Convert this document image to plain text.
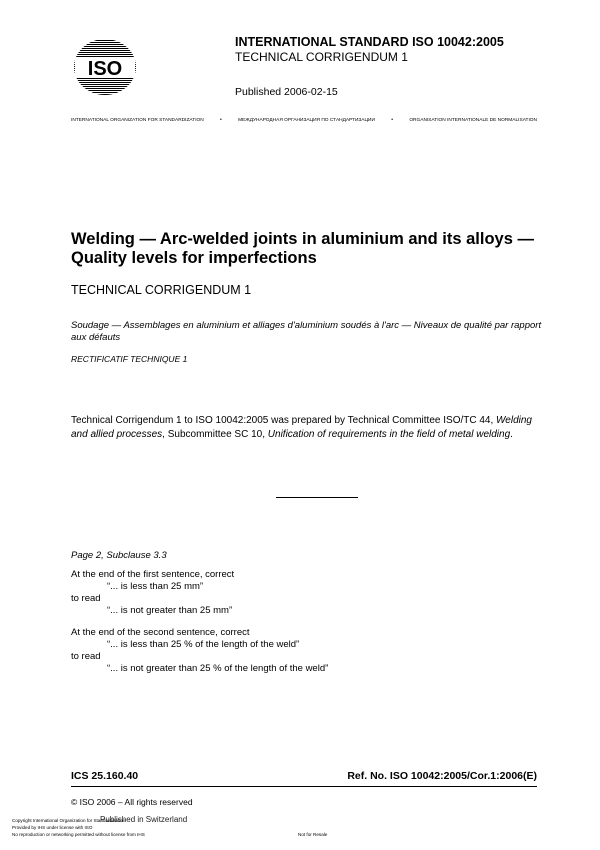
ISO
INTERNATIONAL STANDARD ISO 10042:2005
TECHNICAL CORRIGENDUM 1
Published 2006-02-15
INTERNATIONAL ORGANIZATION FOR STANDARDIZATION	•	МЕЖДУНАРОДНАЯ ОРГАНИЗАЦИЯ ПО СТАНДАРТИЗАЦИИ	•	ORGANISATION INTERNATIONALE DE NORMALISATION
Welding — Arc-welded joints in aluminium and its alloys —
Quality levels for imperfections
TECHNICAL CORRIGENDUM 1
Soudage — Assemblages en aluminium et alliages d'aluminium soudés à l'arc — Niveaux de qualité par rapport aux défauts
RECTIFICATIF TECHNIQUE 1
Technical Corrigendum 1 to ISO 10042:2005 was prepared by Technical Committee ISO/TC 44, Welding and allied processes, Subcommittee SC 10, Unification of requirements in the field of metal welding.
Page 2, Subclause 3.3
At the end of the first sentence, correct
“... is less than 25 mm”
to read
“... is not greater than 25 mm”
At the end of the second sentence, correct
“... is less than 25 % of the length of the weld”
to read
“... is not greater than 25 % of the length of the weld”
ICS 25.160.40	Ref. No. ISO 10042:2005/Cor.1:2006(E)
© ISO 2006 – All rights reserved
Published in Switzerland
Copyright International Organization for Standardization
Provided by IHS under license with ISO
No reproduction or networking permitted without license from IHS	Not for Resale
